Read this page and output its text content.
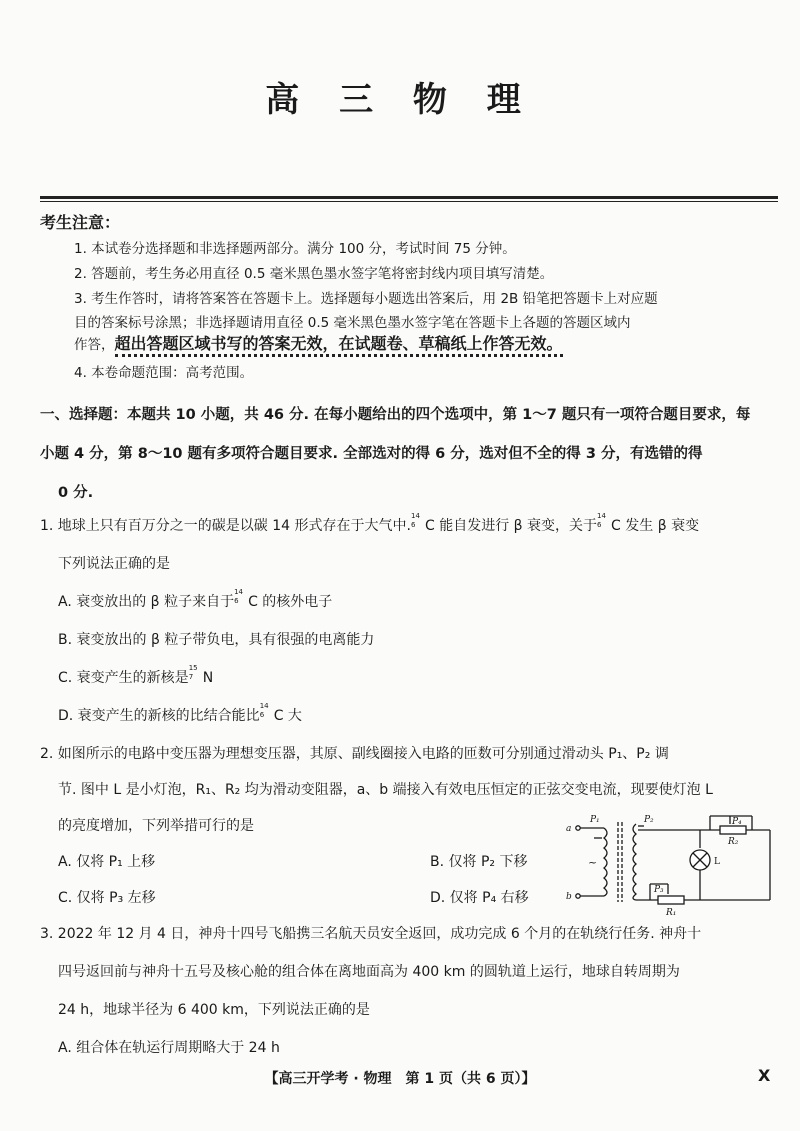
高 三 物 理
考生注意：
1. 本试卷分选择题和非选择题两部分。满分 100 分，考试时间 75 分钟。
2. 答题前，考生务必用直径 0.5 毫米黑色墨水签字笔将密封线内项目填写清楚。
3. 考生作答时，请将答案答在答题卡上。选择题每小题选出答案后，用 2B 铅笔把答题卡上对应题
目的答案标号涂黑；非选择题请用直径 0.5 毫米黑色墨水签字笔在答题卡上各题的答题区域内
作答，超出答题区域书写的答案无效，在试题卷、草稿纸上作答无效。
4. 本卷命题范围：高考范围。
一、选择题：本题共 10 小题，共 46 分. 在每小题给出的四个选项中，第 1～7 题只有一项符合题目要求，每
小题 4 分，第 8～10 题有多项符合题目要求. 全部选对的得 6 分，选对但不全的得 3 分，有选错的得
0 分.
1. 地球上只有百万分之一的碳是以碳 14 形式存在于大气中.
14
6 C 能自发进行 β 衰变，关于
14
6 C 发生 β 衰变
下列说法正确的是
A. 衰变放出的 β 粒子来自于
14
6 C 的核外电子
B. 衰变放出的 β 粒子带负电，具有很强的电离能力
C. 衰变产生的新核是
15
7 N
D. 衰变产生的新核的比结合能比
14
6 C 大
2. 如图所示的电路中变压器为理想变压器，其原、副线圈接入电路的匝数可分别通过滑动头 P₁、P₂ 调
节. 图中 L 是小灯泡，R₁、R₂ 均为滑动变阻器，a、b 端接入有效电压恒定的正弦交变电流，现要使灯泡 L
的亮度增加，下列举措可行的是
A. 仅将 P₁ 上移	B. 仅将 P₂ 下移
C. 仅将 P₃ 左移	D. 仅将 P₄ 右移
a
b
P₁	P₂
P₃
P₄
R₁
R₂
L
~
3. 2022 年 12 月 4 日，神舟十四号飞船携三名航天员安全返回，成功完成 6 个月的在轨绕行任务. 神舟十
四号返回前与神舟十五号及核心舱的组合体在离地面高为 400 km 的圆轨道上运行，地球自转周期为
24 h，地球半径为 6 400 km，下列说法正确的是
A. 组合体在轨运行周期略大于 24 h
【高三开学考 · 物理　第 1 页（共 6 页）】	X
